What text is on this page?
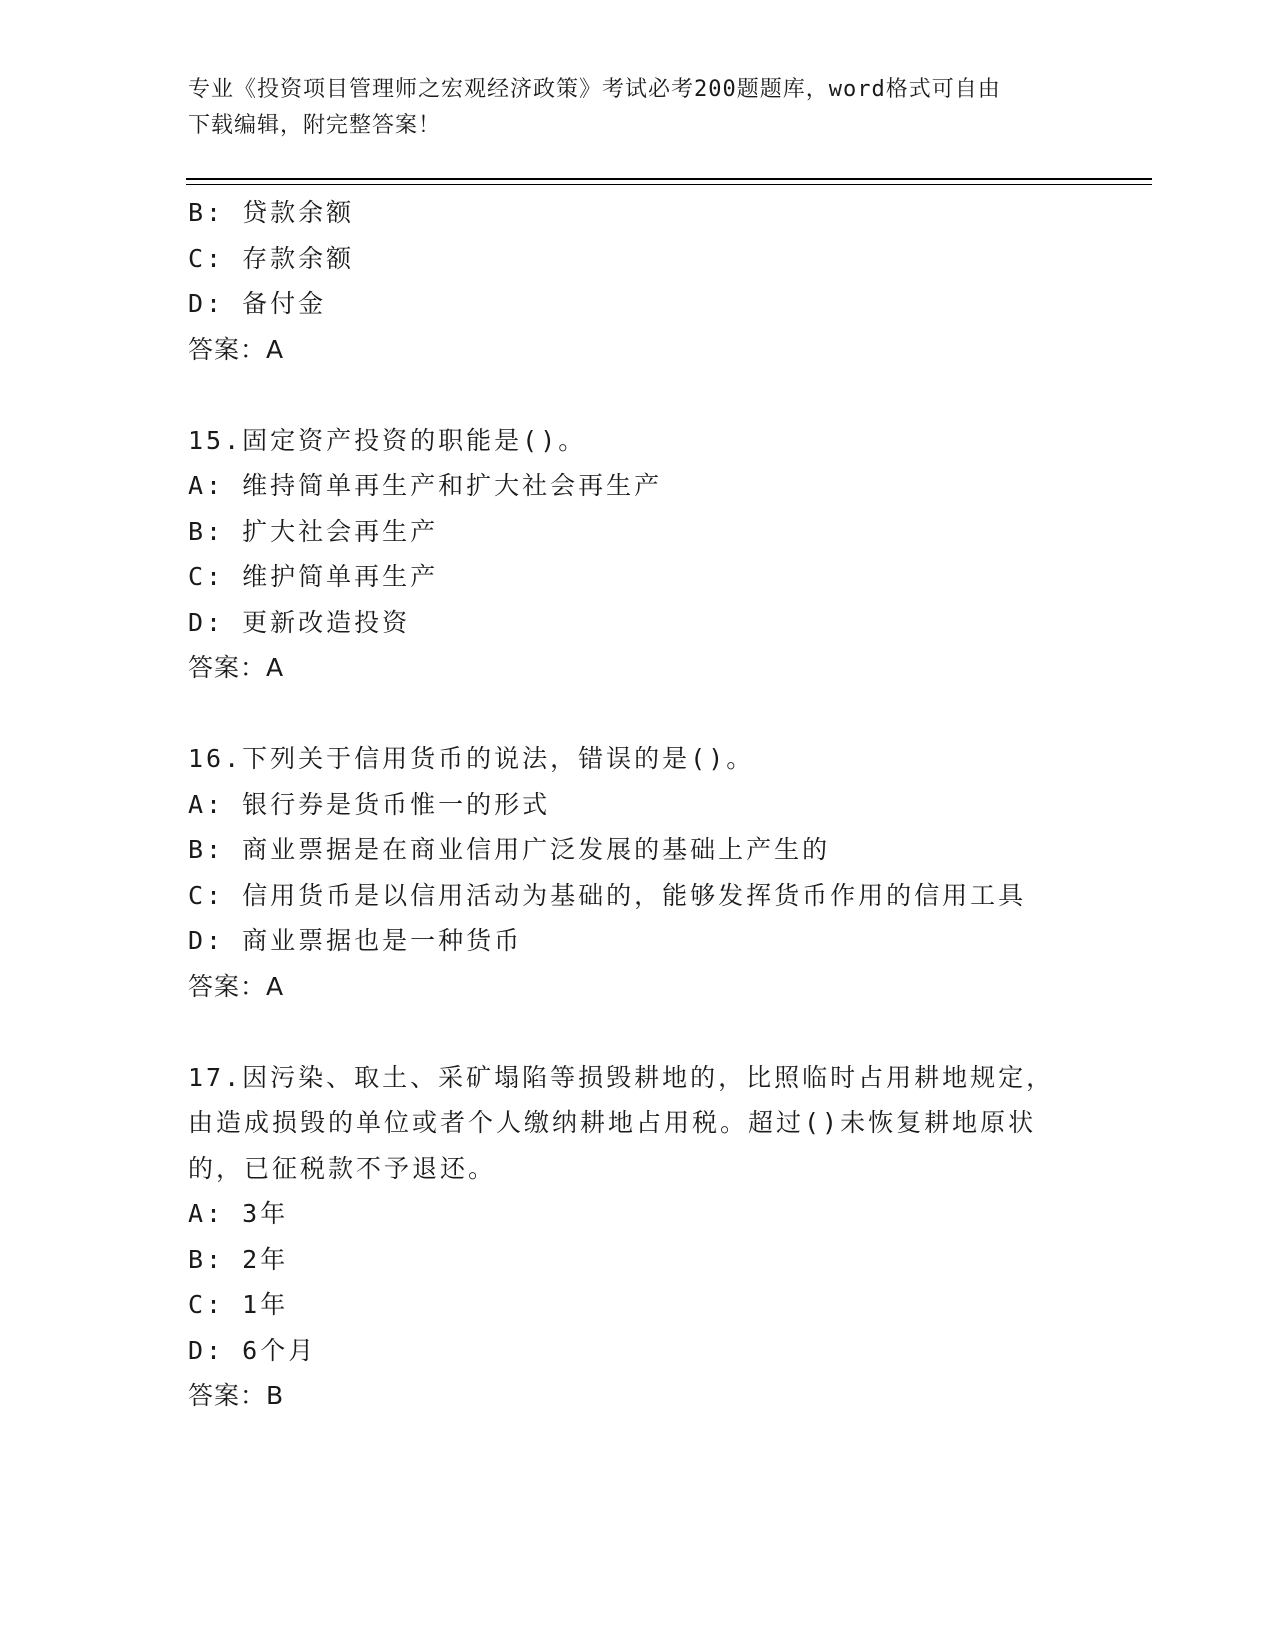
专业《投资项目管理师之宏观经济政策》考试必考200题题库，word格式可自由
下载编辑，附完整答案！
B: 贷款余额
C: 存款余额
D: 备付金
答案：A
15.固定资产投资的职能是()。
A: 维持简单再生产和扩大社会再生产
B: 扩大社会再生产
C: 维护简单再生产
D: 更新改造投资
答案：A
16.下列关于信用货币的说法，错误的是()。
A: 银行券是货币惟一的形式
B: 商业票据是在商业信用广泛发展的基础上产生的
C: 信用货币是以信用活动为基础的，能够发挥货币作用的信用工具
D: 商业票据也是一种货币
答案：A
17.因污染、取土、采矿塌陷等损毁耕地的，比照临时占用耕地规定，
由造成损毁的单位或者个人缴纳耕地占用税。超过()未恢复耕地原状
的，已征税款不予退还。
A: 3年
B: 2年
C: 1年
D: 6个月
答案：B
